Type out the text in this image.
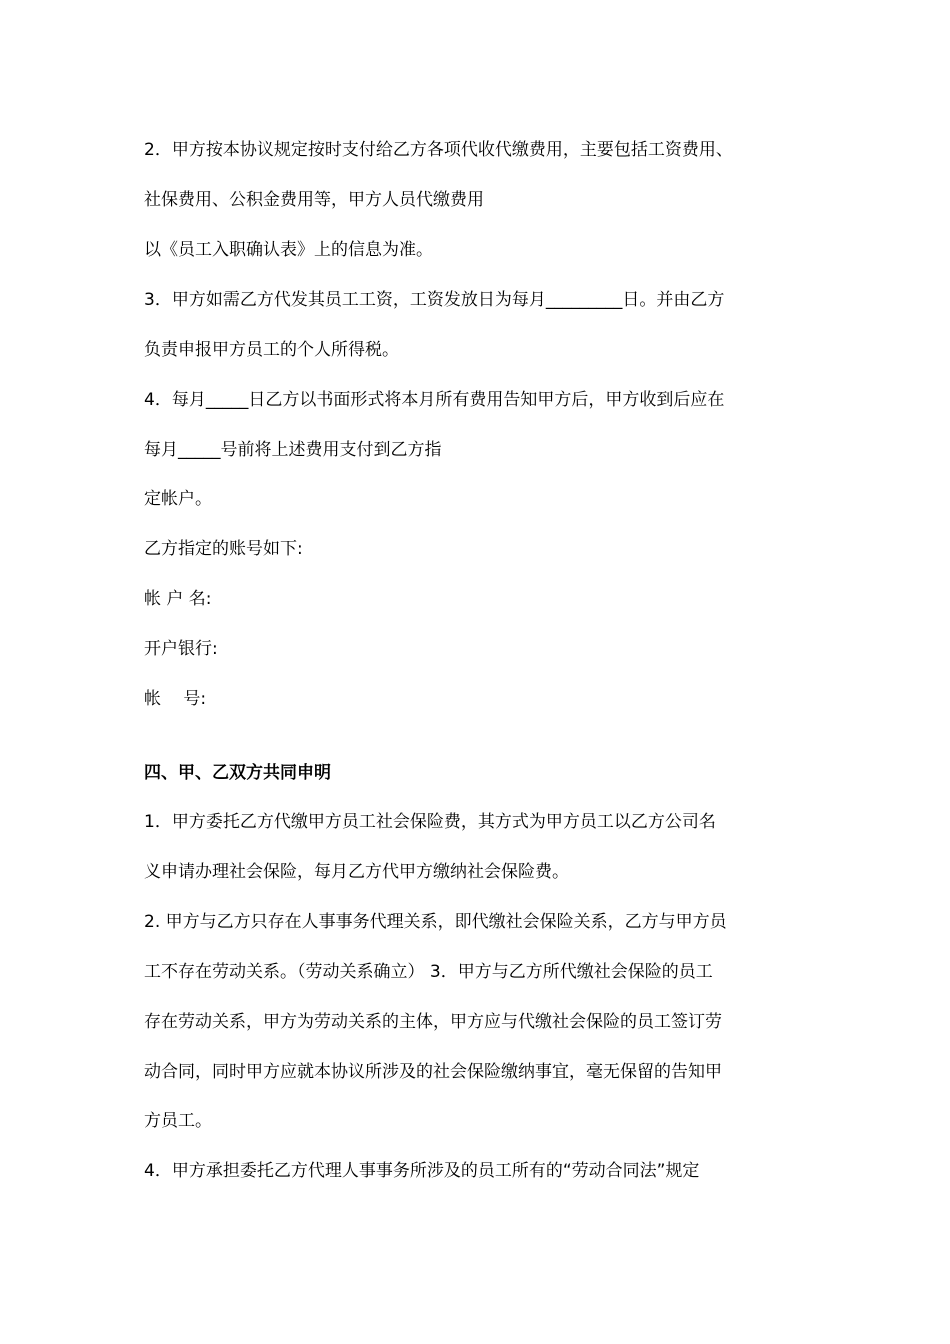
2．甲方按本协议规定按时支付给乙方各项代收代缴费用，主要包括工资费用、
社保费用、公积金费用等，甲方人员代缴费用
以《员工入职确认表》上的信息为准。
3．甲方如需乙方代发其员工工资，工资发放日为每月_________日。并由乙方
负责申报甲方员工的个人所得税。
4．每月_____日乙方以书面形式将本月所有费用告知甲方后，甲方收到后应在
每月_____号前将上述费用支付到乙方指
定帐户。
乙方指定的账号如下:
帐 户 名:
开户银行:
帐　 号:
四、甲、乙双方共同申明
1．甲方委托乙方代缴甲方员工社会保险费，其方式为甲方员工以乙方公司名
义申请办理社会保险，每月乙方代甲方缴纳社会保险费。
2. 甲方与乙方只存在人事事务代理关系，即代缴社会保险关系，乙方与甲方员
工不存在劳动关系。（劳动关系确立） 3．甲方与乙方所代缴社会保险的员工
存在劳动关系，甲方为劳动关系的主体，甲方应与代缴社会保险的员工签订劳
动合同，同时甲方应就本协议所涉及的社会保险缴纳事宜，毫无保留的告知甲
方员工。
4．甲方承担委托乙方代理人事事务所涉及的员工所有的“劳动合同法”规定
